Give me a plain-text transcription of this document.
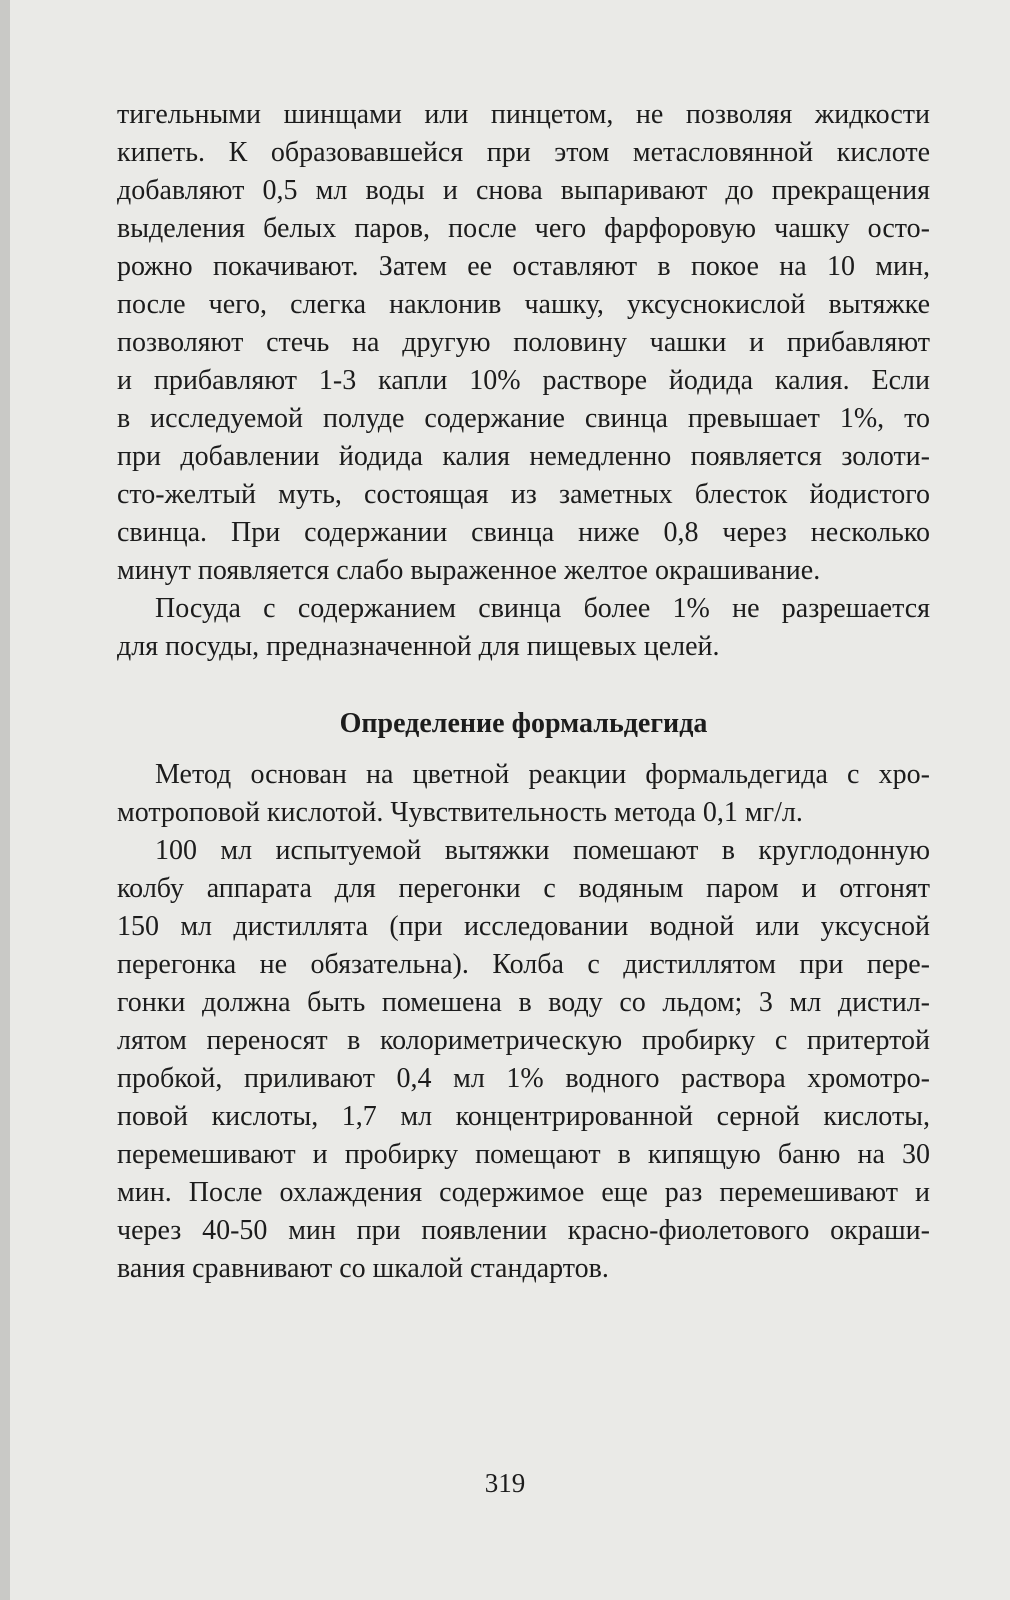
тигельными шинщами или пинцетом, не позволяя жидкости
кипеть. К образовавшейся при этом метасловянной кислоте
добавляют 0,5 мл воды и снова выпаривают до прекращения
выделения белых паров, после чего фарфоровую чашку осто-
рожно покачивают. Затем ее оставляют в покое на 10 мин,
после чего, слегка наклонив чашку, уксуснокислой вытяжке
позволяют стечь на другую половину чашки и прибавляют
и прибавляют 1-3 капли 10% растворе йодида калия. Если
в исследуемой полуде содержание свинца превышает 1%, то
при добавлении йодида калия немедленно появляется золоти-
сто-желтый муть, состоящая из заметных блесток йодистого
свинца. При содержании свинца ниже 0,8 через несколько
минут появляется слабо выраженное желтое окрашивание.
Посуда с содержанием свинца более 1% не разрешается
для посуды, предназначенной для пищевых целей.
Определение формальдегида
Метод основан на цветной реакции формальдегида с хро-
мотроповой кислотой. Чувствительность метода 0,1 мг/л.
100 мл испытуемой вытяжки помешают в круглодонную
колбу аппарата для перегонки с водяным паром и отгонят
150 мл дистиллята (при исследовании водной или уксусной
перегонка не обязательна). Колба с дистиллятом при пере-
гонки должна быть помешена в воду со льдом; 3 мл дистил-
лятом переносят в колориметрическую пробирку с притертой
пробкой, приливают 0,4 мл 1% водного раствора хромотро-
повой кислоты, 1,7 мл концентрированной серной кислоты,
перемешивают и пробирку помещают в кипящую баню на 30
мин. После охлаждения содержимое еще раз перемешивают и
через 40-50 мин при появлении красно-фиолетового окраши-
вания сравнивают со шкалой стандартов.
319
